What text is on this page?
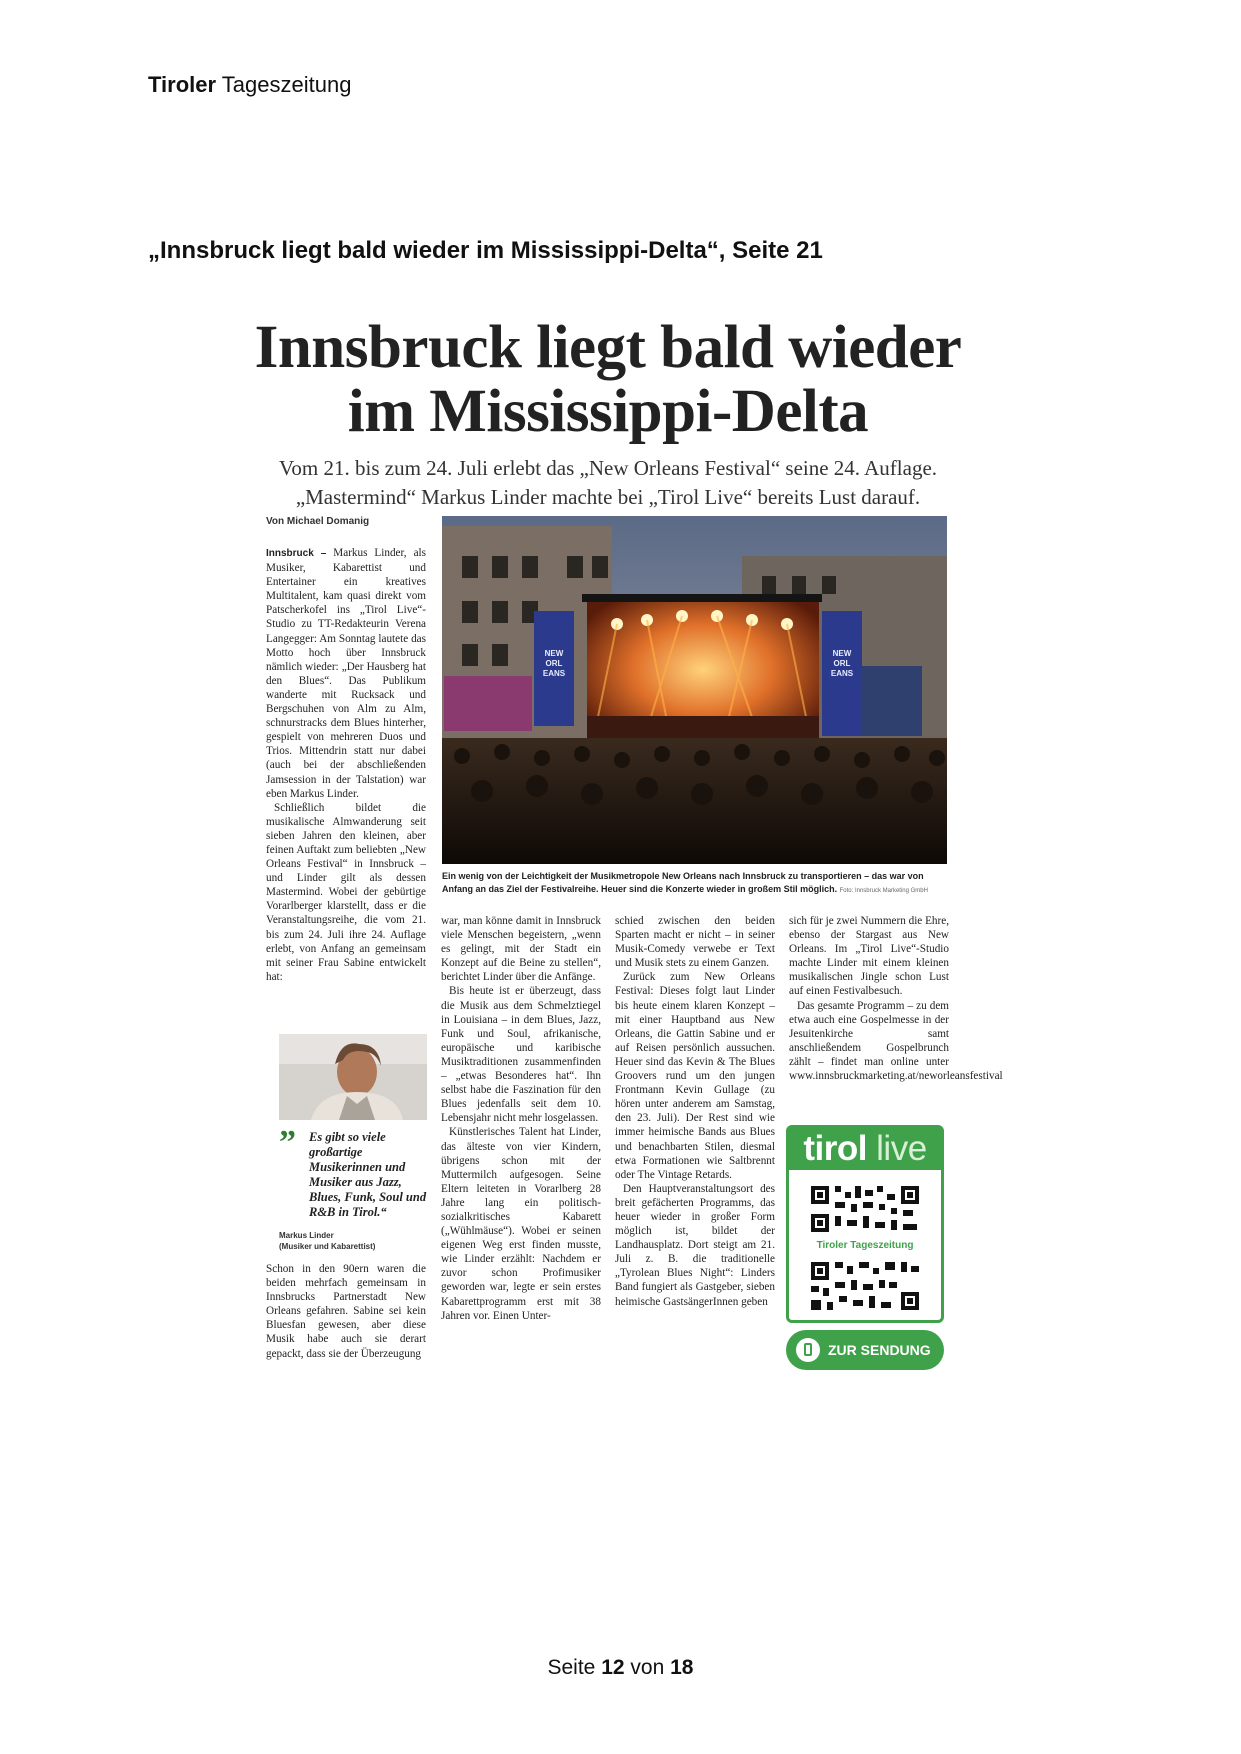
Tiroler Tageszeitung
„Innsbruck liegt bald wieder im Mississippi-Delta“, Seite 21
Innsbruck liegt bald wieder
im Mississippi-Delta
Vom 21. bis zum 24. Juli erlebt das „New Orleans Festival“ seine 24. Auflage.
„Mastermind“ Markus Linder machte bei „Tirol Live“ bereits Lust darauf.
Von Michael Domanig

Innsbruck – Markus Linder, als Musiker, Kabarettist und Entertainer ein kreatives Multitalent, kam quasi direkt vom Patscherkofel ins „Tirol Live“-Studio zu TT-Redakteurin Verena Langegger: Am Sonntag lautete das Motto hoch über Innsbruck nämlich wieder: „Der Hausberg hat den Blues“. Das Publikum wanderte mit Rucksack und Bergschuhen von Alm zu Alm, schnurstracks dem Blues hinterher, gespielt von mehreren Duos und Trios. Mittendrin statt nur dabei (auch bei der abschließenden Jamsession in der Talstation) war eben Markus Linder.

Schließlich bildet die musikalische Almwanderung seit sieben Jahren den kleinen, aber feinen Auftakt zum beliebten „New Orleans Festival“ in Innsbruck – und Linder gilt als dessen Mastermind. Wobei der gebürtige Vorarlberger klarstellt, dass er die Veranstaltungsreihe, die vom 21. bis zum 24. Juli ihre 24. Auflage erlebt, von Anfang an gemeinsam mit seiner Frau Sabine entwickelt hat:

NEW
ORL
EANS
NEW
ORL
EANS
Ein wenig von der Leichtigkeit der Musikmetropole New Orleans nach Innsbruck zu transportieren – das war von Anfang an das Ziel der Festivalreihe. Heuer sind die Konzerte wieder in großem Stil möglich. Foto: Innsbruck Marketing GmbH
” Es gibt so viele großartige Musikerinnen und Musiker aus Jazz, Blues, Funk, Soul und R&B in Tirol.“
Markus Linder
(Musiker und Kabarettist)

Schon in den 90ern waren die beiden mehrfach gemeinsam in Innsbrucks Partnerstadt New Orleans gefahren. Sabine sei kein Bluesfan gewesen, aber diese Musik habe auch sie derart gepackt, dass sie der Überzeugung

war, man könne damit in Innsbruck viele Menschen begeistern, „wenn es gelingt, mit der Stadt ein Konzept auf die Beine zu stellen“, berichtet Linder über die Anfänge.

Bis heute ist er überzeugt, dass die Musik aus dem Schmelztiegel in Louisiana – in dem Blues, Jazz, Funk und Soul, afrikanische, europäische und karibische Musiktraditionen zusammenfinden – „etwas Besonderes hat“. Ihn selbst habe die Faszination für den Blues jedenfalls seit dem 10. Lebensjahr nicht mehr losgelassen.

Künstlerisches Talent hat Linder, das älteste von vier Kindern, übrigens schon mit der Muttermilch aufgesogen. Seine Eltern leiteten in Vorarlberg 28 Jahre lang ein politisch-sozialkritisches Kabarett („Wühlmäuse“). Wobei er seinen eigenen Weg erst finden musste, wie Linder erzählt: Nachdem er zuvor schon Profimusiker geworden war, legte er sein erstes Kabarettprogramm erst mit 38 Jahren vor. Einen Unter-

schied zwischen den beiden Sparten macht er nicht – in seiner Musik-Comedy verwebe er Text und Musik stets zu einem Ganzen.

Zurück zum New Orleans Festival: Dieses folgt laut Linder bis heute einem klaren Konzept – mit einer Hauptband aus New Orleans, die Gattin Sabine und er auf Reisen persönlich aussuchen. Heuer sind das Kevin & The Blues Groovers rund um den jungen Frontmann Kevin Gullage (zu hören unter anderem am Samstag, den 23. Juli). Der Rest sind wie immer heimische Bands aus Blues und benachbarten Stilen, diesmal etwa Formationen wie Saltbrennt oder The Vintage Retards.

Den Hauptveranstaltungsort des breit gefächerten Programms, das heuer wieder in großer Form möglich ist, bildet der Landhausplatz. Dort steigt am 21. Juli z. B. die traditionelle „Tyrolean Blues Night“: Linders Band fungiert als Gastgeber, sieben heimische GastsängerInnen geben

sich für je zwei Nummern die Ehre, ebenso der Stargast aus New Orleans. Im „Tirol Live“-Studio machte Linder mit einem kleinen musikalischen Jingle schon Lust auf einen Festivalbesuch.

Das gesamte Programm – zu dem etwa auch eine Gospelmesse in der Jesuitenkirche samt anschließendem Gospelbrunch zählt – findet man online unter www.innsbruckmarketing.at/neworleansfestival

tirol live
Tiroler Tageszeitung
ZUR SENDUNG
Seite 12 von 18
